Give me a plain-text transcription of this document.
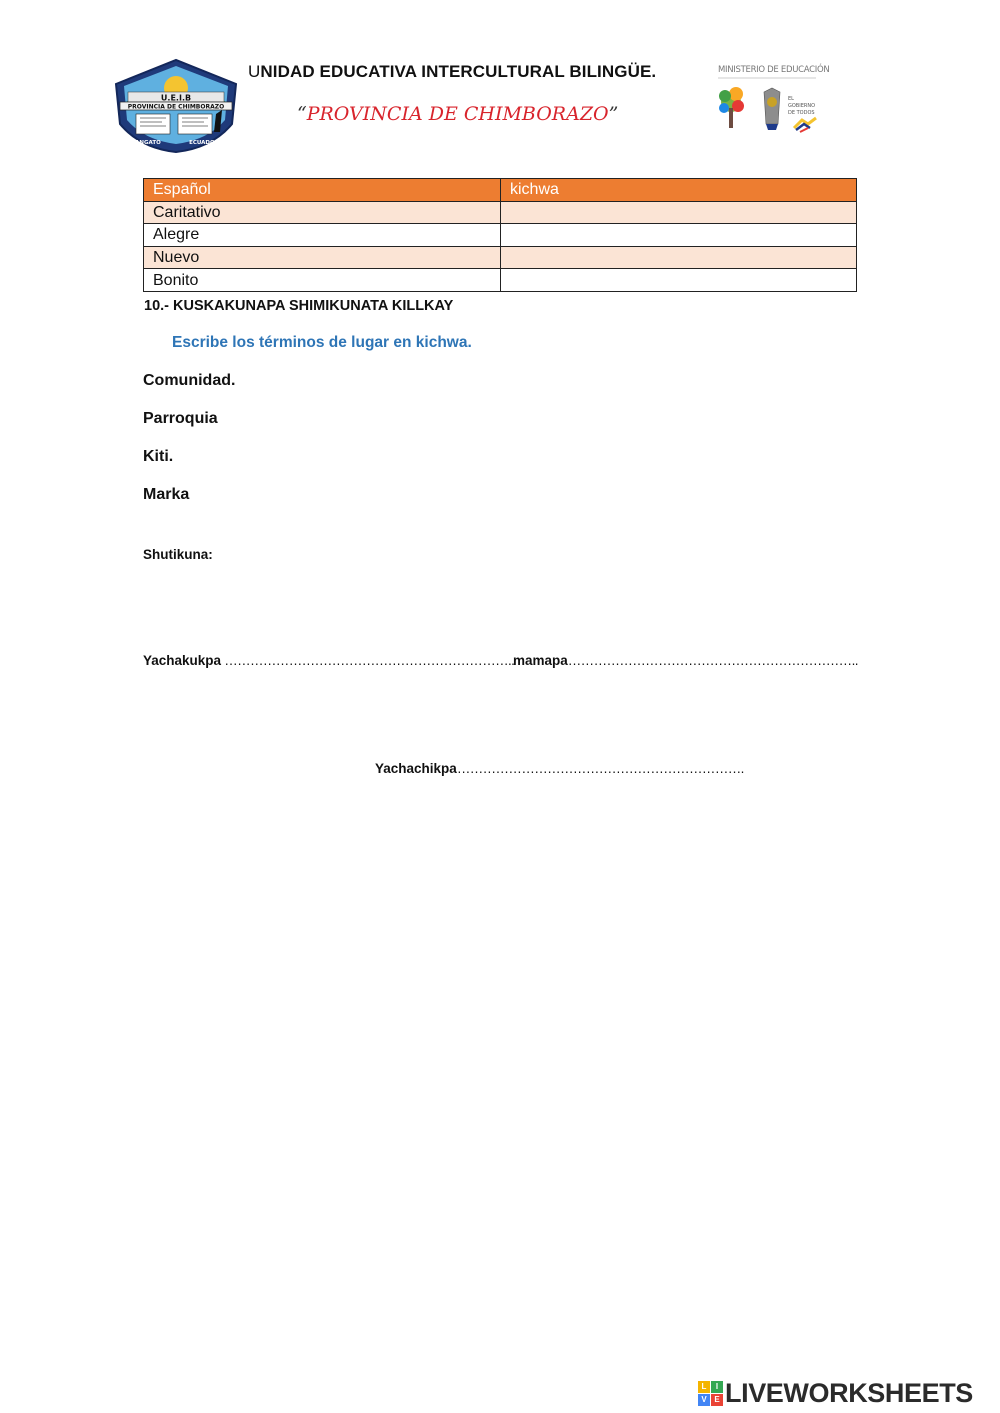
U.E.I.B
PROVINCIA DE CHIMBORAZO
ANGATO	ECUADOR
UNIDAD EDUCATIVA INTERCULTURAL BILINGÜE.
“PROVINCIA DE CHIMBORAZO”
MINISTERIO DE EDUCACIÓN
EL
GOBIERNO
DE TODOS
Español	kichwa
Caritativo	
Alegre	
Nuevo	
Bonito	
10.- KUSKAKUNAPA SHIMIKUNATA KILLKAY
Escribe los términos de lugar en kichwa.
Comunidad.
Parroquia
Kiti.
Marka
Shutikuna:
Yachakukpa …………………………………………………………..
mamapa…………………………………………………………..
Yachachikpa………………………………………………………….
L	I
V E LIVEWORKSHEETS
